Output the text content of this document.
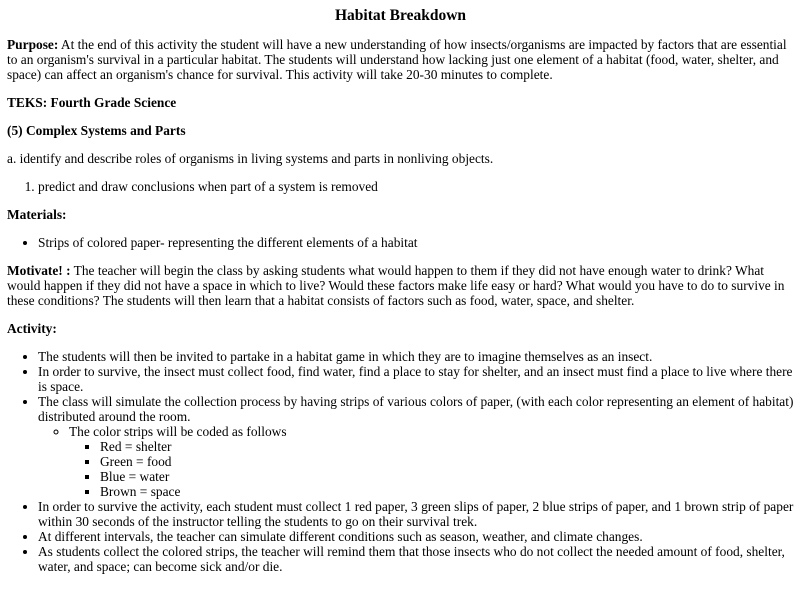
Habitat Breakdown

Purpose: At the end of this activity the student will have a new understanding of how insects/organisms are impacted by factors that are essential to an organism's survival in a particular habitat. The students will understand how lacking just one element of a habitat (food, water, shelter, and space) can affect an organism's chance for survival. This activity will take 20-30 minutes to complete.

TEKS: Fourth Grade Science
(5) Complex Systems and Parts

a. identify and describe roles of organisms in living systems and parts in nonliving objects.

1. predict and draw conclusions when part of a system is removed
Materials:
• Strips of colored paper- representing the different elements of a habitat

Motivate! : The teacher will begin the class by asking students what would happen to them if they did not have enough water to drink? What would happen if they did not have a space in which to live? Would these factors make life easy or hard? What would you have to do to survive in these conditions? The students will then learn that a habitat consists of factors such as food, water, space, and shelter.

Activity:
• The students will then be invited to partake in a habitat game in which they are to imagine themselves as an insect.
• In order to survive, the insect must collect food, find water, find a place to stay for shelter, and an insect must find a place to live where there is space.
• The class will simulate the collection process by having strips of various colors of paper, (with each color representing an element of habitat) distributed around the room.
◦ The color strips will be coded as follows
▪ Red = shelter
▪ Green = food
▪ Blue = water
▪ Brown = space
• In order to survive the activity, each student must collect 1 red paper, 3 green slips of paper, 2 blue strips of paper, and 1 brown strip of paper within 30 seconds of the instructor telling the students to go on their survival trek.
• At different intervals, the teacher can simulate different conditions such as season, weather, and climate changes.
• As students collect the colored strips, the teacher will remind them that those insects who do not collect the needed amount of food, shelter, water, and space; can become sick and/or die.
